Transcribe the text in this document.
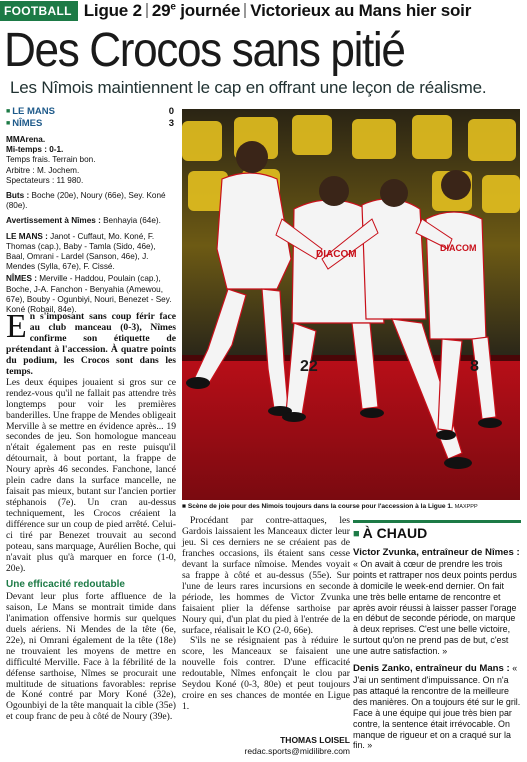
FOOTBALL Ligue 2 29e journée Victorieux au Mans hier soir
Des Crocos sans pitié
Les Nîmois maintiennent le cap en offrant une leçon de réalisme.
■ LE MANS	0
■ NÎMES	3

MMArena.
Mi-temps : 0-1.
Temps frais. Terrain bon.
Arbitre : M. Jochem.
Spectateurs : 11 980.

Buts : Boche (20e), Noury (66e), Sey. Koné (80e).

Avertissement à Nîmes : Benhayia (64e).

LE MANS : Janot - Cuffaut, Mo. Koné, F. Thomas (cap.), Baby - Tamla (Sido, 46e), Baal, Omrani - Lardel (Sanson, 46e), J. Mendes (Sylla, 67e), F. Cissé.

NÎMES : Merville - Haddou, Poulain (cap.), Boche, J-A. Fanchon - Benyahia (Amewou, 67e), Bouby - Ogunbiyi, Nouri, Benezet - Sey. Koné (Robail, 84e).

En s'imposant sans coup férir face au club manceau (0-3), Nîmes confirme son étiquette de prétendant à l'accession. À quatre points du podium, les Crocos sont dans les temps.

Les deux équipes jouaient si gros sur ce rendez-vous qu'il ne fallait pas attendre très longtemps pour voir les premières banderilles. Une frappe de Mendes obligeait Merville à se mettre en évidence après... 19 secondes de jeu. Son homologue manceau n'était également pas en reste puisqu'il détournait, à bout portant, la frappe de Noury après 46 secondes. Fanchone, lancé plein cadre dans la surface mancelle, ne faisait pas mieux, butant sur l'ancien portier stéphanois (7e). Un cran au-dessus techniquement, les Crocos créaient la différence sur un coup de pied arrêté. Celui-ci tiré par Benezet trouvait au second poteau, sans marquage, Aurélien Boche, qui n'avait plus qu'à marquer en force (1-0, 20e).

Une efficacité redoutable

Devant leur plus forte affluence de la saison, Le Mans se montrait timide dans l'animation offensive hormis sur quelques duels aériens. Ni Mendes de la tête (6e, 22e), ni Omrani également de la tête (18e) ne trouvaient les moyens de mettre en difficulté Merville. Face à la fébrilité de la défense sarthoise, Nîmes se procurait une multitude de situations favorables: reprise de Koné contré par Mory Koné (32e), Ogounbiyi de la tête manquait la cible (35e) et coup franc de peu à côté de Noury (39e).

DIACOM
DIACOM
22	8
■ Scène de joie pour des Nîmois toujours dans la course pour l'accession à la Ligue 1. MAXPPP

Procédant par contre-attaques, les Gardois laissaient les Manceaux dicter leur jeu. Si ces derniers ne se créaient pas de franches occasions, ils étaient sans cesse devant la surface nîmoise. Mendes voyait sa frappe à côté et au-dessus (55e). Sur l'une de leurs rares incursions en seconde période, les hommes de Victor Zvunka faisaient plier la défense sarthoise par Noury qui, d'un plat du pied à l'entrée de la surface, réalisait le KO (2-0, 66e).

S'ils ne se résignaient pas à réduire le score, les Manceaux se faisaient une nouvelle fois contrer. D'une efficacité redoutable, Nîmes enfonçait le clou par Seydou Koné (0-3, 80e) et peut toujours croire en ses chances de montée en Ligue 1.

THOMAS LOISEL
redac.sports@midilibre.com
■ À CHAUD

Victor Zvunka, entraîneur de Nîmes : « On avait à cœur de prendre les trois points et rattraper nos deux points perdus à domicile le week-end dernier. On fait une très belle entame de rencontre et après avoir réussi à laisser passer l'orage en début de seconde période, on marque à deux reprises. C'est une belle victoire, surtout qu'on ne prend pas de but, c'est une autre satisfaction. »

Denis Zanko, entraîneur du Mans : « J'ai un sentiment d'impuissance. On n'a pas attaqué la rencontre de la meilleure des manières. On a toujours été sur le gril. Face à une équipe qui joue très bien par contre, la sentence était irrévocable. On manque de rigueur et on a craqué sur la fin. »
